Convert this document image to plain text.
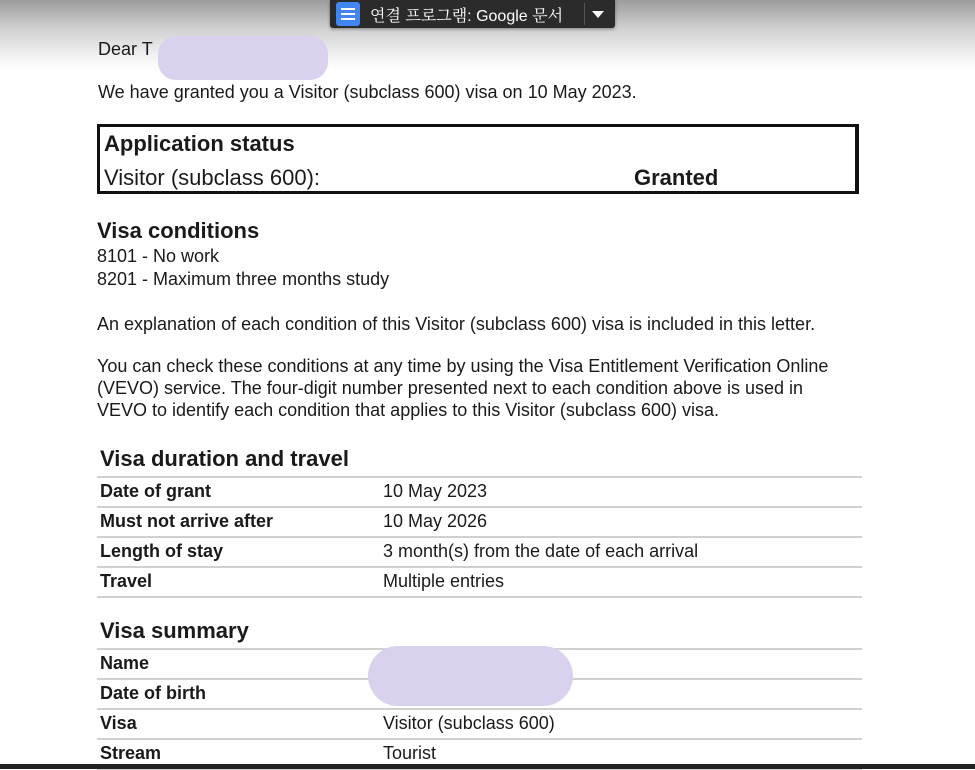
연결 프로그램: Google 문서
Dear T
We have granted you a Visitor (subclass 600) visa on 10 May 2023.
Application status
Visitor (subclass 600):	Granted
Visa conditions
8101 - No work
8201 - Maximum three months study
An explanation of each condition of this Visitor (subclass 600) visa is included in this letter.
You can check these conditions at any time by using the Visa Entitlement Verification Online
(VEVO) service. The four-digit number presented next to each condition above is used in
VEVO to identify each condition that applies to this Visitor (subclass 600) visa.
Visa duration and travel
Date of grant	10 May 2023
Must not arrive after	10 May 2026
Length of stay	3 month(s) from the date of each arrival
Travel	Multiple entries
Visa summary
Name
Date of birth
Visa	Visitor (subclass 600)
Stream	Tourist
